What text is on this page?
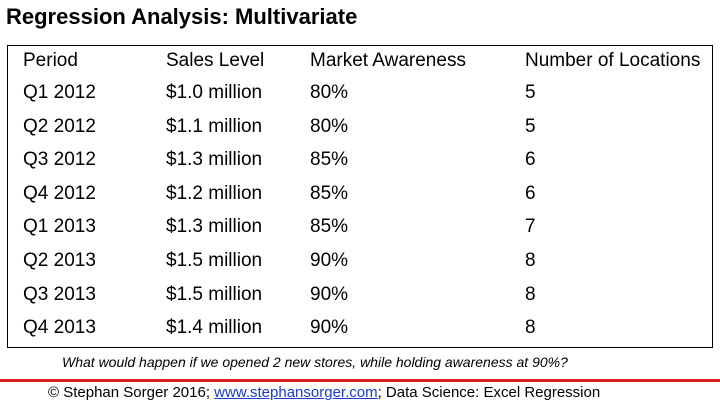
Regression Analysis: Multivariate
Period	Sales Level	Market Awareness	Number of Locations
Q1 2012	$1.0 million	80%	5
Q2 2012	$1.1 million	80%	5
Q3 2012	$1.3 million	85%	6
Q4 2012	$1.2 million	85%	6
Q1 2013	$1.3 million	85%	7
Q2 2013	$1.5 million	90%	8
Q3 2013	$1.5 million	90%	8
Q4 2013	$1.4 million	90%	8
What would happen if we opened 2 new stores, while holding awareness at 90%?
© Stephan Sorger 2016; www.stephansorger.com; Data Science: Excel Regression
